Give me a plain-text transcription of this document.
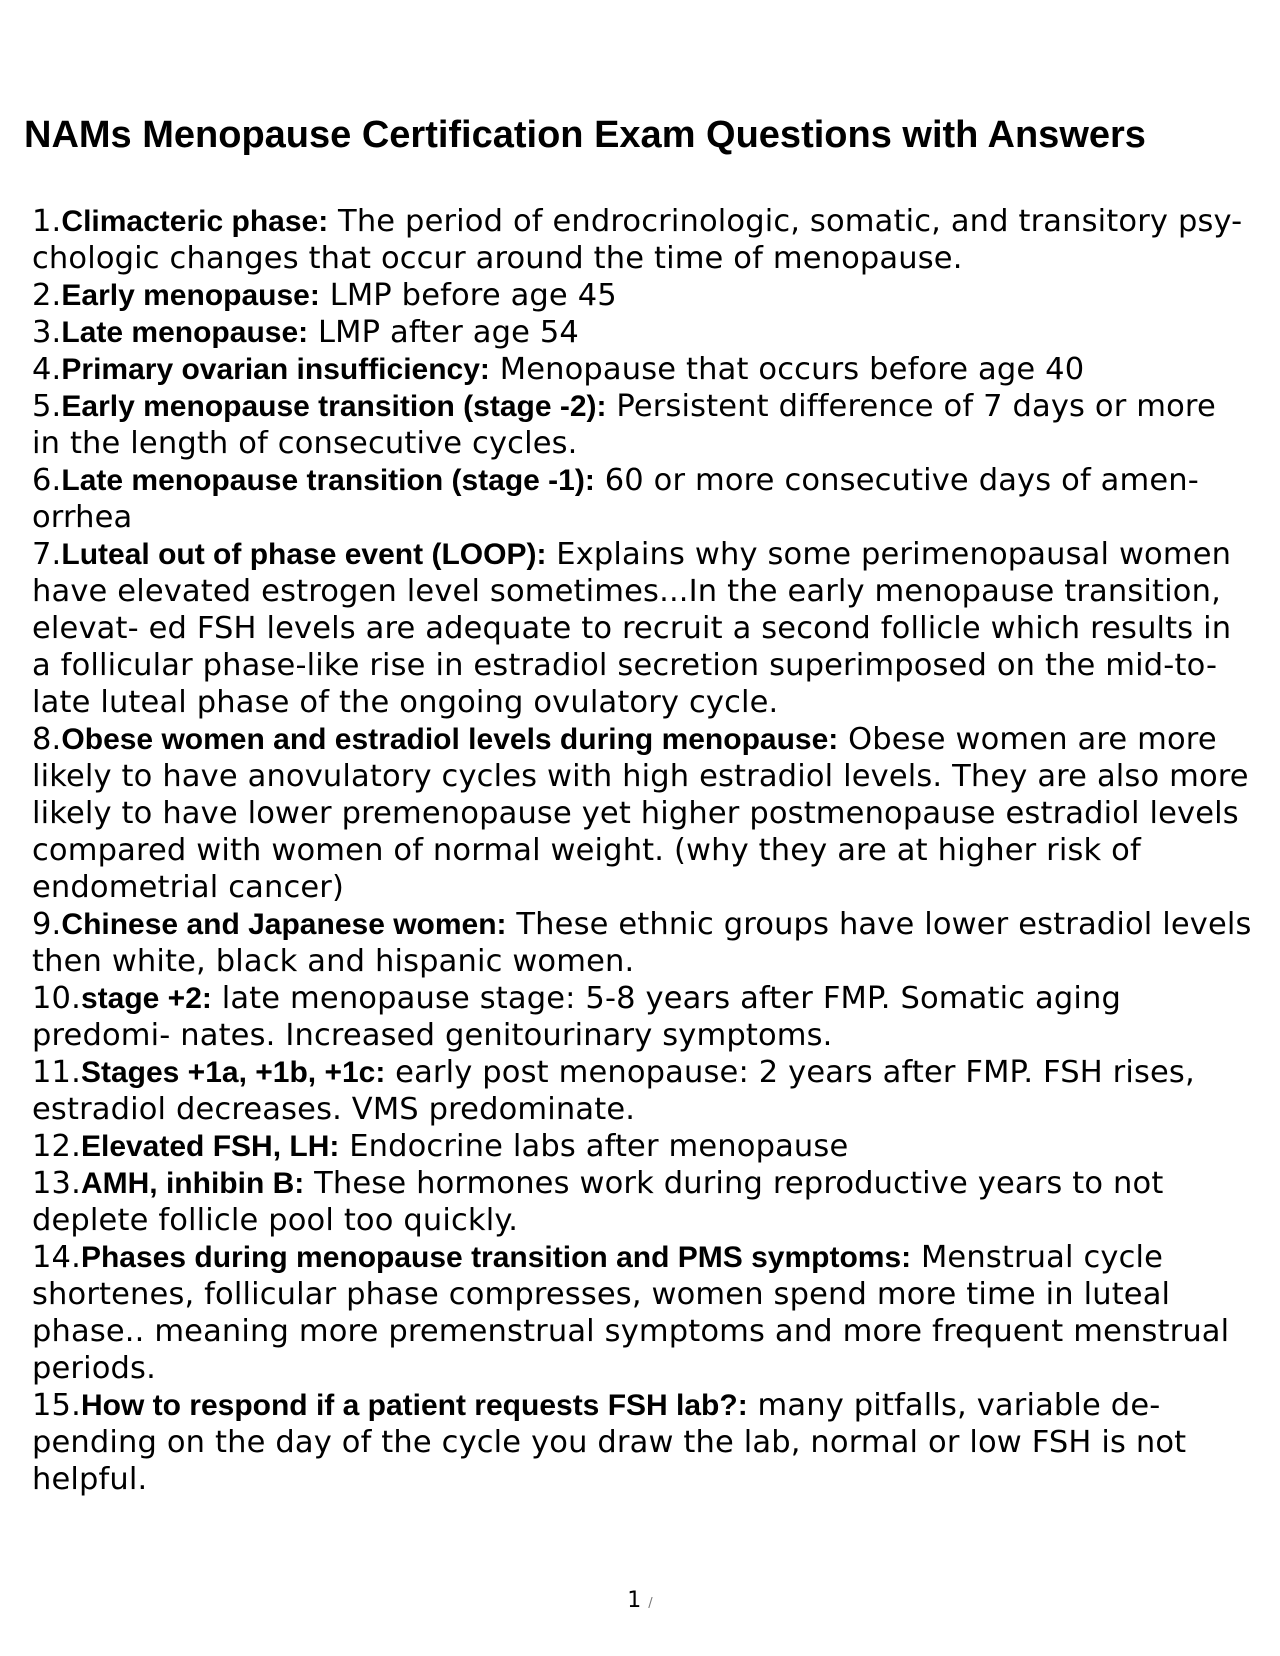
NAMs Menopause Certification Exam Questions with Answers
1.Climacteric phase: The period of endrocrinologic, somatic, and transitory psy- chologic changes that occur around the time of menopause.
2.Early menopause: LMP before age 45
3.Late menopause: LMP after age 54
4.Primary ovarian insufficiency: Menopause that occurs before age 40
5.Early menopause transition (stage -2): Persistent difference of 7 days or more in the length of consecutive cycles.
6.Late menopause transition (stage -1): 60 or more consecutive days of amen- orrhea
7.Luteal out of phase event (LOOP): Explains why some perimenopausal women have elevated estrogen level sometimes...In the early menopause transition, elevat- ed FSH levels are adequate to recruit a second follicle which results in a follicular phase-like rise in estradiol secretion superimposed on the mid-to-late luteal phase of the ongoing ovulatory cycle.
8.Obese women and estradiol levels during menopause: Obese women are more likely to have anovulatory cycles with high estradiol levels. They are also more likely to have lower premenopause yet higher postmenopause estradiol levels compared with women of normal weight. (why they are at higher risk of endometrial cancer)
9.Chinese and Japanese women: These ethnic groups have lower estradiol levels then white, black and hispanic women.
10.stage +2: late menopause stage: 5-8 years after FMP. Somatic aging predomi- nates. Increased genitourinary symptoms.
11.Stages +1a, +1b, +1c: early post menopause: 2 years after FMP. FSH rises, estradiol decreases. VMS predominate.
12.Elevated FSH, LH: Endocrine labs after menopause
13.AMH, inhibin B: These hormones work during reproductive years to not deplete follicle pool too quickly.
14.Phases during menopause transition and PMS symptoms: Menstrual cycle shortenes, follicular phase compresses, women spend more time in luteal phase.. meaning more premenstrual symptoms and more frequent menstrual periods.
15.How to respond if a patient requests FSH lab?: many pitfalls, variable de- pending on the day of the cycle you draw the lab, normal or low FSH is not helpful.
1 /
